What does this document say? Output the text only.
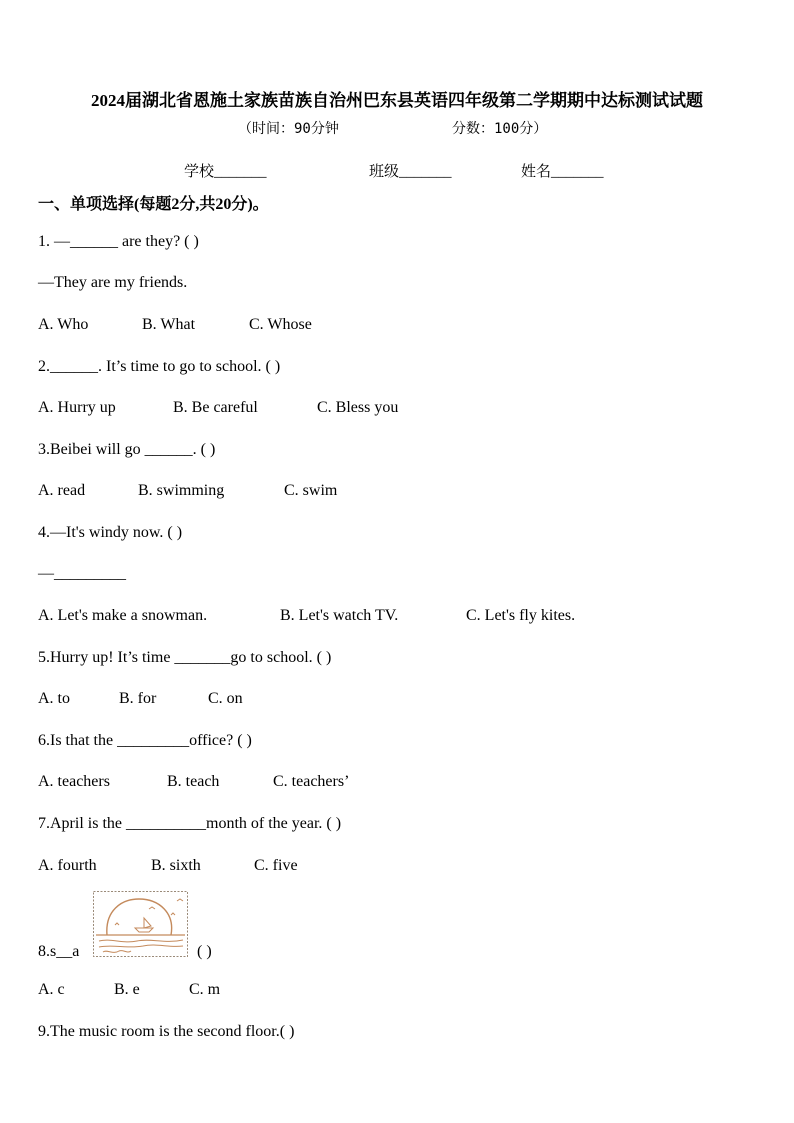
2024届湖北省恩施土家族苗族自治州巴东县英语四年级第二学期期中达标测试试题
（时间：90分钟	分数：100分）
学校_______	班级_______	姓名_______
一、单项选择(每题2分,共20分)。
1. —______ are they? ( )
—They are my friends.
A. Who	B. What	C. Whose
2.______. It’s time to go to school. ( )
A. Hurry up	B. Be careful	C. Bless you
3.Beibei will go ______. ( )
A. read	B. swimming	C. swim
4.—It's windy now. ( )
—_________
A. Let's make a snowman.	B. Let's watch TV.	C. Let's fly kites.
5.Hurry up! It’s time _______go to school. ( )
A. to	B. for	C. on
6.Is that the _________office? ( )
A. teachers	B. teach	C. teachers’
7.April is the __________month of the year. ( )
A. fourth	B. sixth	C. five
8.s__a	( )
A. c	B. e	C. m
9.The music room is the second floor.( )
